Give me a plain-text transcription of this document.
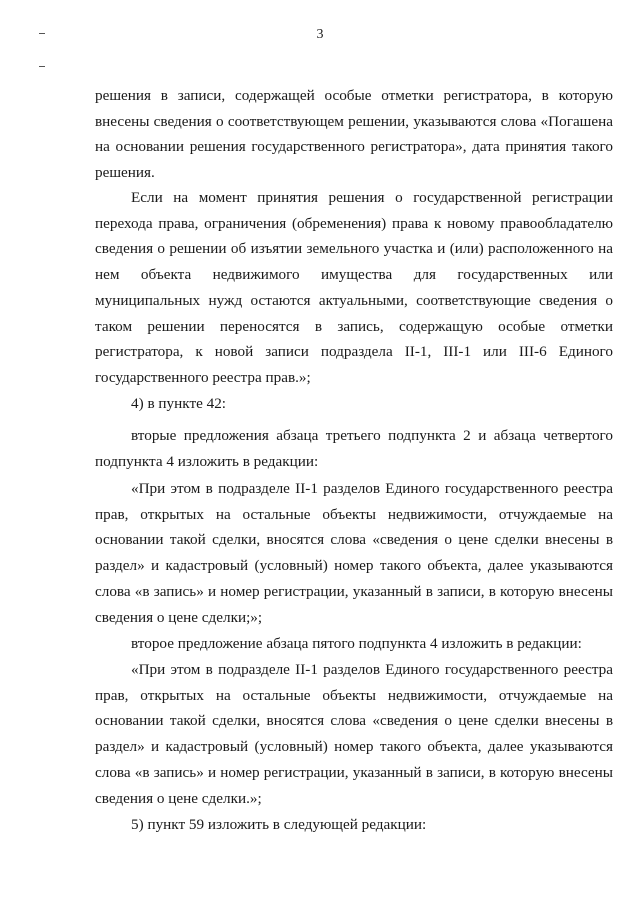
3

решения в записи, содержащей особые отметки регистратора, в которую внесены сведения о соответствующем решении, указываются слова «Погашена на основании решения государственного регистратора», дата принятия такого решения.

Если на момент принятия решения о государственной регистрации перехода права, ограничения (обременения) права к новому правообладателю сведения о решении об изъятии земельного участка и (или) расположенного на нем объекта недвижимого имущества для государственных или муниципальных нужд остаются актуальными, соответствующие сведения о таком решении переносятся в запись, содержащую особые отметки регистратора, к новой записи подраздела II-1, III-1 или III-6 Единого государственного реестра прав.»;

4) в пункте 42:

вторые предложения абзаца третьего подпункта 2 и абзаца четвертого подпункта 4 изложить в редакции:

«При этом в подразделе II-1 разделов Единого государственного реестра прав, открытых на остальные объекты недвижимости, отчуждаемые на основании такой сделки, вносятся слова «сведения о цене сделки внесены в раздел» и кадастровый (условный) номер такого объекта, далее указываются слова «в запись» и номер регистрации, указанный в записи, в которую внесены сведения о цене сделки;»;

второе предложение абзаца пятого подпункта 4 изложить в редакции:

«При этом в подразделе II-1 разделов Единого государственного реестра прав, открытых на остальные объекты недвижимости, отчуждаемые на основании такой сделки, вносятся слова «сведения о цене сделки внесены в раздел» и кадастровый (условный) номер такого объекта, далее указываются слова «в запись» и номер регистрации, указанный в записи, в которую внесены сведения о цене сделки.»;

5) пункт 59 изложить в следующей редакции:
